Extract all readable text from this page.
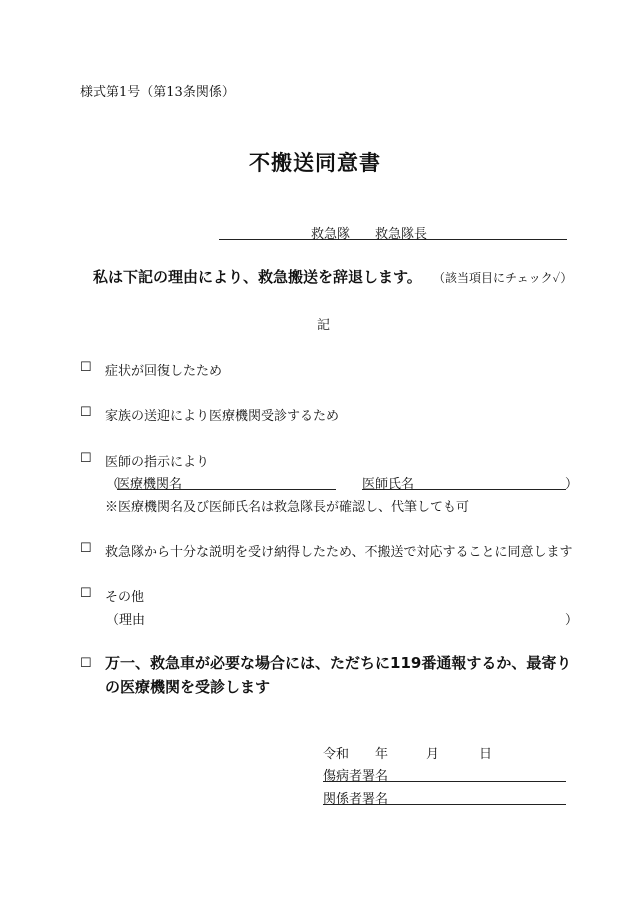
様式第1号（第13条関係）
不搬送同意書
救急隊 救急隊長
私は下記の理由により、救急搬送を辞退します。 （該当項目にチェック✓）
記
☐ 症状が回復したため
☐ 家族の送迎により医療機関受診するため
☐ 医師の指示により
（
医療機関名	医師氏名	）
※医療機関名及び医師氏名は救急隊長が確認し、代筆しても可
☐ 救急隊から十分な説明を受け納得したため、不搬送で対応することに同意します
☐ その他
（理由	）
☐ 万一、救急車が必要な場合には、ただちに119番通報するか、最寄り
の医療機関を受診します
令和 年	月	日
傷病者署名
関係者署名
